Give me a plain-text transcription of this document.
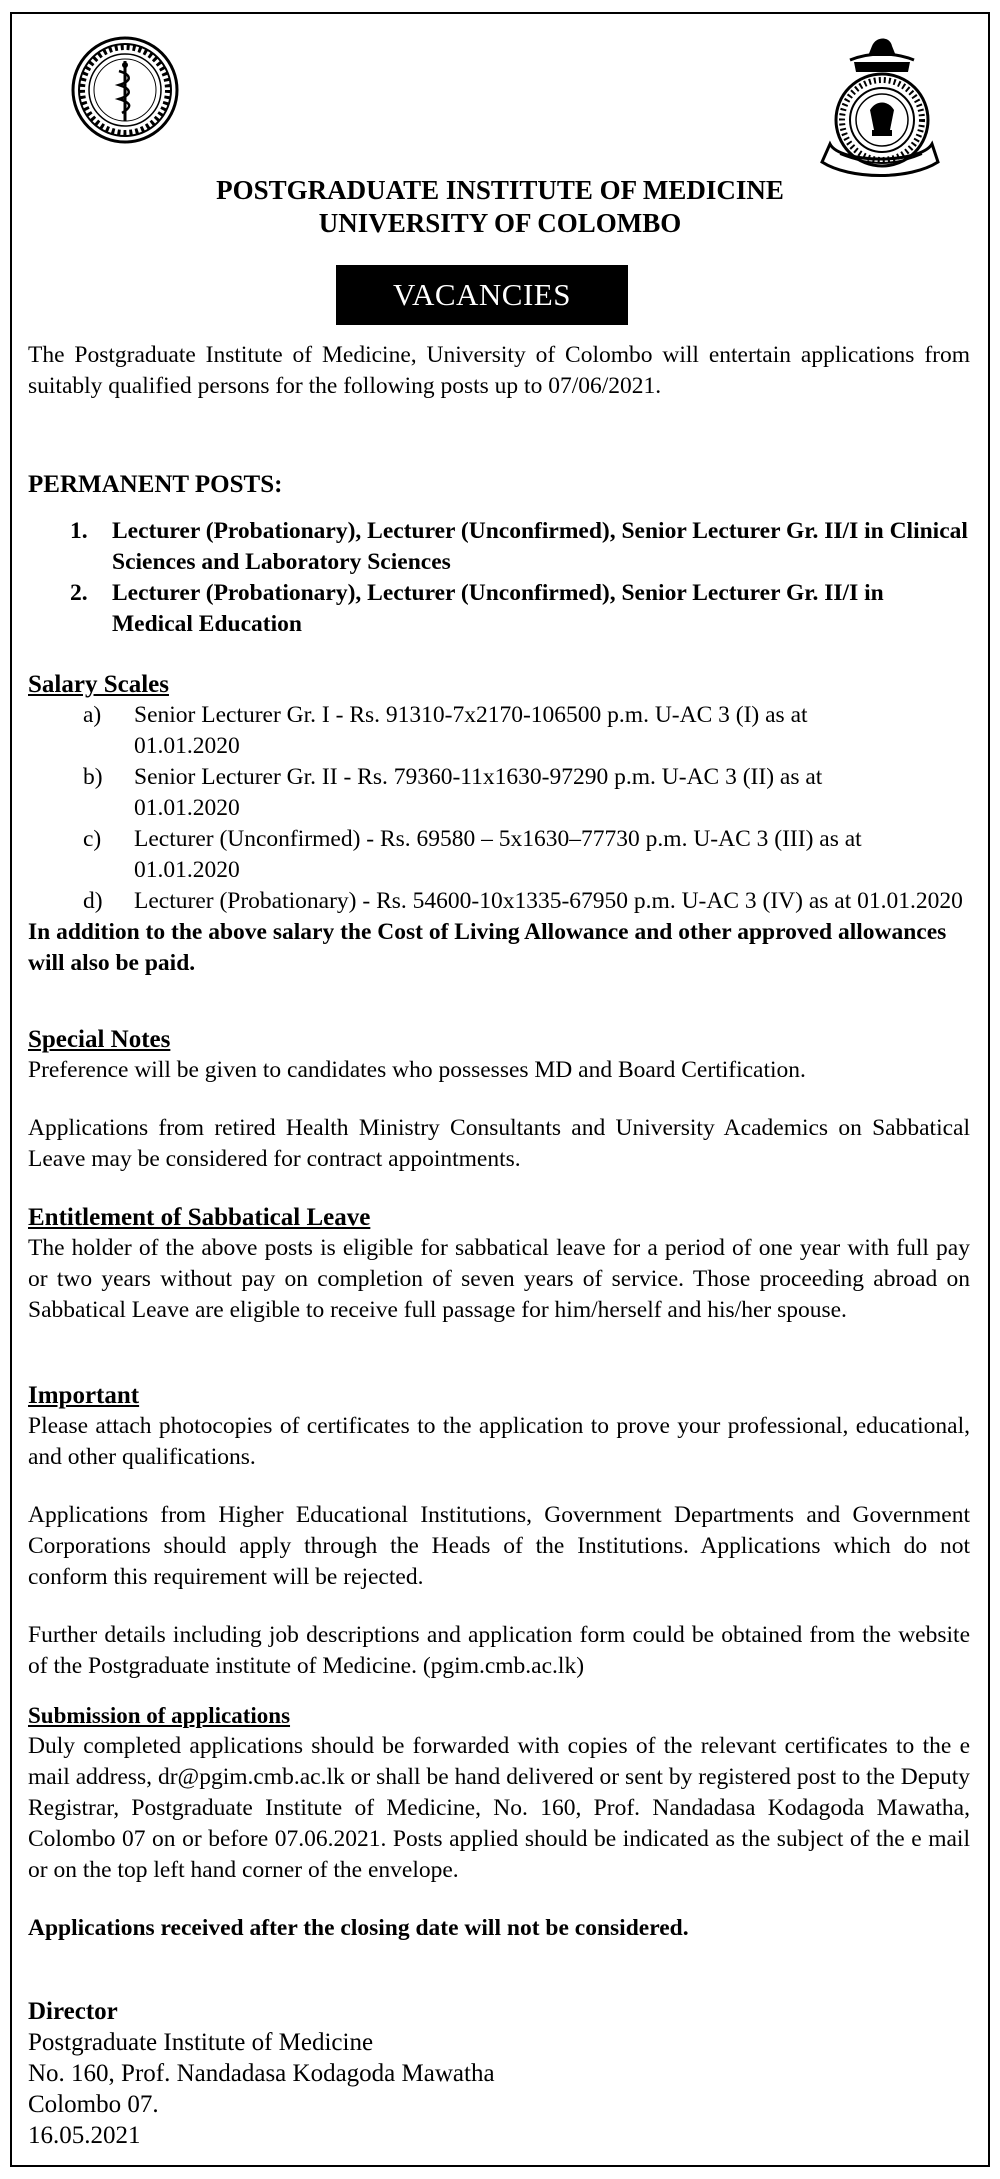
POSTGRADUATE INSTITUTE OF MEDICINE
UNIVERSITY OF COLOMBO
VACANCIES
The Postgraduate Institute of Medicine, University of Colombo will entertain applications from suitably qualified persons for the following posts up to 07/06/2021.
PERMANENT POSTS:
1. Lecturer (Probationary), Lecturer (Unconfirmed), Senior Lecturer Gr. II/I in Clinical Sciences and Laboratory Sciences
2. Lecturer (Probationary), Lecturer (Unconfirmed), Senior Lecturer Gr. II/I in Medical Education
Salary Scales
a) Senior Lecturer Gr. I - Rs. 91310-7x2170-106500 p.m. U-AC 3 (I) as at 01.01.2020
b) Senior Lecturer Gr. II - Rs. 79360-11x1630-97290 p.m. U-AC 3 (II) as at 01.01.2020
c) Lecturer (Unconfirmed) - Rs. 69580 – 5x1630–77730 p.m. U-AC 3 (III) as at 01.01.2020
d) Lecturer (Probationary) - Rs. 54600-10x1335-67950 p.m. U-AC 3 (IV) as at 01.01.2020
In addition to the above salary the Cost of Living Allowance and other approved allowances will also be paid.
Special Notes
Preference will be given to candidates who possesses MD and Board Certification.
Applications from retired Health Ministry Consultants and University Academics on Sabbatical Leave may be considered for contract appointments.
Entitlement of Sabbatical Leave
The holder of the above posts is eligible for sabbatical leave for a period of one year with full pay or two years without pay on completion of seven years of service. Those proceeding abroad on Sabbatical Leave are eligible to receive full passage for him/herself and his/her spouse.
Important
Please attach photocopies of certificates to the application to prove your professional, educational, and other qualifications.
Applications from Higher Educational Institutions, Government Departments and Government Corporations should apply through the Heads of the Institutions. Applications which do not conform this requirement will be rejected.
Further details including job descriptions and application form could be obtained from the website of the Postgraduate institute of Medicine. (pgim.cmb.ac.lk)
Submission of applications
Duly completed applications should be forwarded with copies of the relevant certificates to the e mail address, dr@pgim.cmb.ac.lk or shall be hand delivered or sent by registered post to the Deputy Registrar, Postgraduate Institute of Medicine, No. 160, Prof. Nandadasa Kodagoda Mawatha, Colombo 07 on or before 07.06.2021. Posts applied should be indicated as the subject of the e mail or on the top left hand corner of the envelope.
Applications received after the closing date will not be considered.
Director
Postgraduate Institute of Medicine
No. 160, Prof. Nandadasa Kodagoda Mawatha
Colombo 07.
16.05.2021
